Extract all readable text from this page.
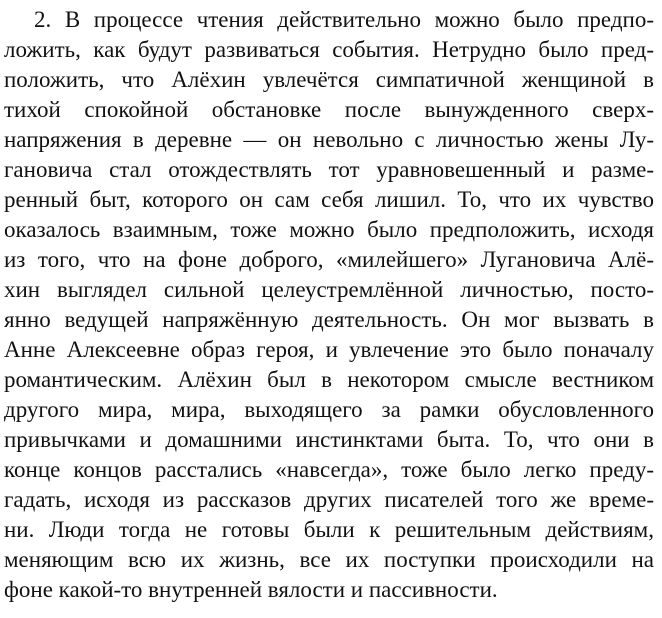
2. В процессе чтения действительно можно было предпо-
ложить, как будут развиваться события. Нетрудно было пред-
положить, что Алёхин увлечётся симпатичной женщиной в
тихой спокойной обстановке после вынужденного сверх-
напряжения в деревне — он невольно с личностью жены Лу-
гановича стал отождествлять тот уравновешенный и разме-
ренный быт, которого он сам себя лишил. То, что их чувство
оказалось взаимным, тоже можно было предположить, исходя
из того, что на фоне доброго, «милейшего» Лугановича Алё-
хин выглядел сильной целеустремлённой личностью, посто-
янно ведущей напряжённую деятельность. Он мог вызвать в
Анне Алексеевне образ героя, и увлечение это было поначалу
романтическим. Алёхин был в некотором смысле вестником
другого мира, мира, выходящего за рамки обусловленного
привычками и домашними инстинктами быта. То, что они в
конце концов расстались «навсегда», тоже было легко преду-
гадать, исходя из рассказов других писателей того же време-
ни. Люди тогда не готовы были к решительным действиям,
меняющим всю их жизнь, все их поступки происходили на
фоне какой-то внутренней вялости и пассивности.
